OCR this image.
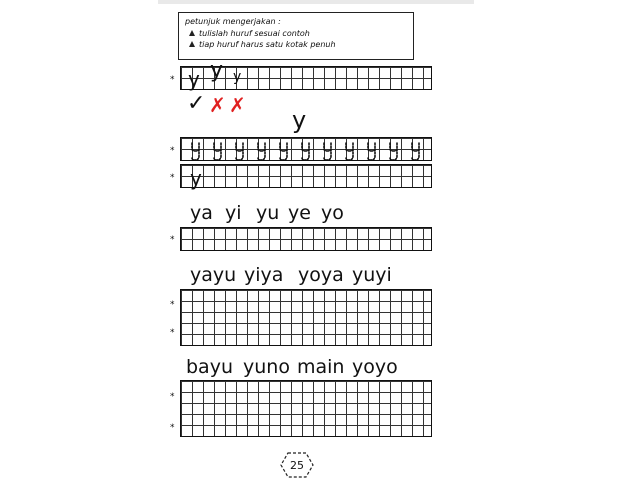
petunjuk mengerjakan :
tulislah huruf sesuai contoh
tiap huruf harus satu kotak penuh
* y y y
✓ ✗ ✗
y
*
* y
ya yi yu ye yo
*
yayu yiya yoya yuyi
*
*
bayu yuno main yoyo
*
*
25
